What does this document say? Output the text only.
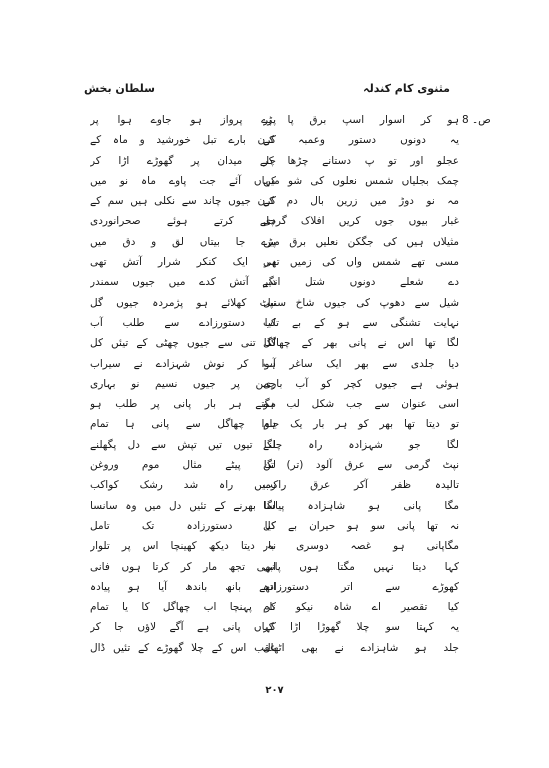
مثنوی کام کندلہ
سلطان بخش
ص۔ 8
ہو کر اسوار اسپ برق پا پر
یہ دونوں دستور وعمبہ کے
عجلو اور تو پ دستانے چڑھا کر
چمک بجلیاں شمس نعلوں کی شو میں
مہ نو دوڑ میں زرین بال دم کے
غبار بیوں جوں کریں افلاک گردی
مثیلاں ہیں کی جگکن نعلیں برق میں
مسی تھے شمس واں کی زمیں تھی
دے شعلے دونوں شتل انگر
شیل سے دھوپ کی جیوں شاخ سنبل
نہایت تشنگی سے ہو کے بے تاب
لگا تھا اس نے پانی بھر کے چھاگل
دیا جلدی سے بھر ایک ساغر آب
ہوئی ہے جیوں کچر کو آب باری
اسی عنوان سے جب شکل لب ہو
تو دیتا تھا بھر کو ہر بار یک جام
لگا جو شہزادہ راہ چلنے
نپٹ گرمی سے عرق آلود (تر) تن
تالیدہ ظفر آکر عرق راکب
مگا پانی ہو شاہزادہ پیاسا
نہ تھا پانی سو ہو حیران بے کل
مگاپانی ہو غصہ دوسری بار
کہا دیتا نہیں مگتا ہوں پانی
کھوڑے سے اتر دستورزادہ
کیا تقصیر اے شاہ نیکو نام
یہ کہتا سو چلا گھوڑا اڑا کر
جلد ہو شاہزادے نے بھی اٹھال
پڑے پرواز ہو جاوے ہوا پر
کرن بارے تبل خورشید و ماہ کے
چلے میدان پر گھوڑے اڑا کر
کہاں آئے جت پاوے ماہ نو میں
کرن جیوں چاند سے نکلی ہیں سم کے
چلے کرتے ہوئے صحرانوردی
پڑے جا بیتاں لق و دق میں
ہر ایک کنکر شرار آتش تھی
دیے آتش کدے میں جیوں سمندر
نپٹ کھلائے ہو پژمردہ جیوں گل
کیا دستورزادے سے طلب آب
لگا تنی سے جیوں چھٹی کے تیئں کل
ہوا کر نوش شہزادے نے سیراب
چمن پر جیوں نسیم نو بہاری
مگتے ہر بار پانی پر طلب ہو
ہوا چھاگل سے پانی ہا تمام
لگا تیوں تیں تپش سے دل پگھلنے
لگا پیٹے مثال موم وروغن
زمیں راہ شد رشک کواکب
لگا بھرنے کے تئیں دل میں وہ سانسا
کیا دستورزادہ تک تامل
نہ دیتا دیکھ کھینچا اس پر تلوار
ابھی تجھ مار کر کرتا ہوں فانی
اتھے بانھ باندھ آیا ہو پیادہ
کر پہنچا اب چھاگل کا یا تمام
کہاں پانی ہے آگے لاؤں جا کر
عقب اس کے چلا گھوڑے کے تئیں ڈال
۲۰۷
